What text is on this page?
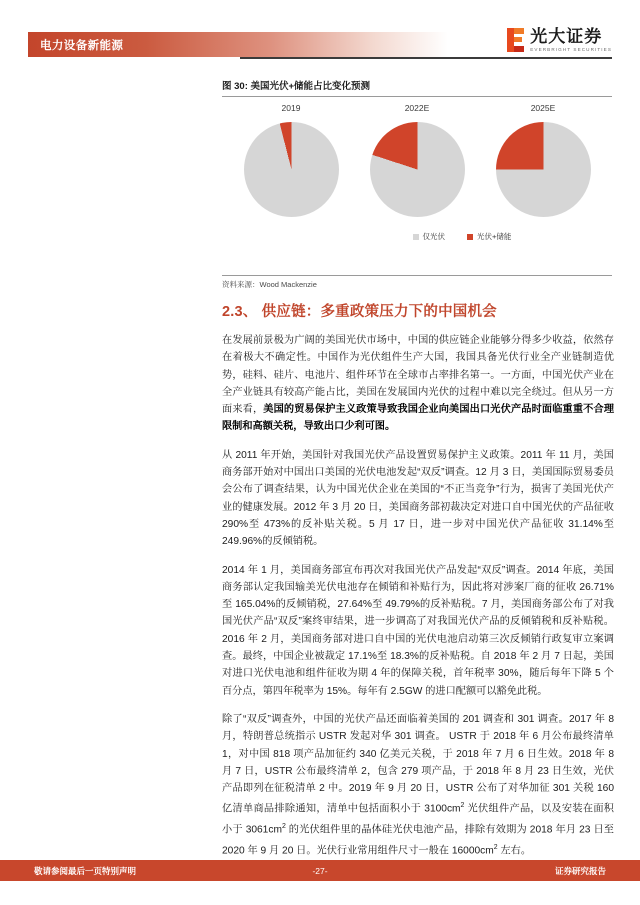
电力设备新能源	光大证券
EVERBRIGHT SECURITIES
图 30: 美国光伏+储能占比变化预测
2019	2022E	2025E
仅光伏	光伏+储能
资料来源：Wood Mackenzie
2.3、 供应链：多重政策压力下的中国机会

在发展前景极为广阔的美国光伏市场中，中国的供应链企业能够分得多少收益，依然存在着极大不确定性。中国作为光伏组件生产大国，我国具备光伏行业全产业链制造优势，硅料、硅片、电池片、组件环节在全球市占率排名第一。一方面，中国光伏产业在全产业链具有较高产能占比，美国在发展国内光伏的过程中难以完全绕过。但从另一方面来看，美国的贸易保护主义政策导致我国企业向美国出口光伏产品时面临重重不合理限制和高额关税，导致出口少利可图。

从 2011 年开始，美国针对我国光伏产品设置贸易保护主义政策。2011 年 11 月，美国商务部开始对中国出口美国的光伏电池发起“双反”调查。12 月 3 日，美国国际贸易委员会公布了调查结果，认为中国光伏企业在美国的“不正当竞争”行为，损害了美国光伏产业的健康发展。2012 年 3 月 20 日，美国商务部初裁决定对进口自中国光伏的产品征收 290%至 473%的反补贴关税。5 月 17 日，进一步对中国光伏产品征收 31.14%至 249.96%的反倾销税。

2014 年 1 月，美国商务部宣布再次对我国光伏产品发起“双反”调查。2014 年底，美国商务部认定我国输美光伏电池存在倾销和补贴行为，因此将对涉案厂商的征收 26.71%至 165.04%的反倾销税，27.64%至 49.79%的反补贴税。7 月，美国商务部公布了对我国光伏产品“双反”案终审结果，进一步调高了对我国光伏产品的反倾销税和反补贴税。2016 年 2 月，美国商务部对进口自中国的光伏电池启动第三次反倾销行政复审立案调查。最终，中国企业被裁定 17.1%至 18.3%的反补贴税。自 2018 年 2 月 7 日起，美国对进口光伏电池和组件征收为期 4 年的保障关税，首年税率 30%，随后每年下降 5 个百分点，第四年税率为 15%。每年有 2.5GW 的进口配额可以豁免此税。

除了“双反”调查外，中国的光伏产品还面临着美国的 201 调查和 301 调查。2017 年 8 月，特朗普总统指示 USTR 发起对华 301 调查。 USTR 于 2018 年 6 月公布最终清单 1，对中国 818 项产品加征约 340 亿美元关税，于 2018 年 7 月 6 日生效。2018 年 8 月 7 日，USTR 公布最终清单 2，包含 279 项产品，于 2018 年 8 月 23 日生效，光伏产品即列在征税清单 2 中。2019 年 9 月 20 日，USTR 公布了对华加征 301 关税 160 亿清单商品排除通知，清单中包括面积小于 $3100cm^2$ 光伏组件产品，以及安装在面积小于 $3061cm^2$ 的光伏组件里的晶体硅光伏电池产品，排除有效期为 2018 年月 23 日至 2020 年 9 月 20 日。光伏行业常用组件尺寸一般在 $16000cm^2$ 左右。

敬请参阅最后一页特别声明	-27-	证券研究报告
